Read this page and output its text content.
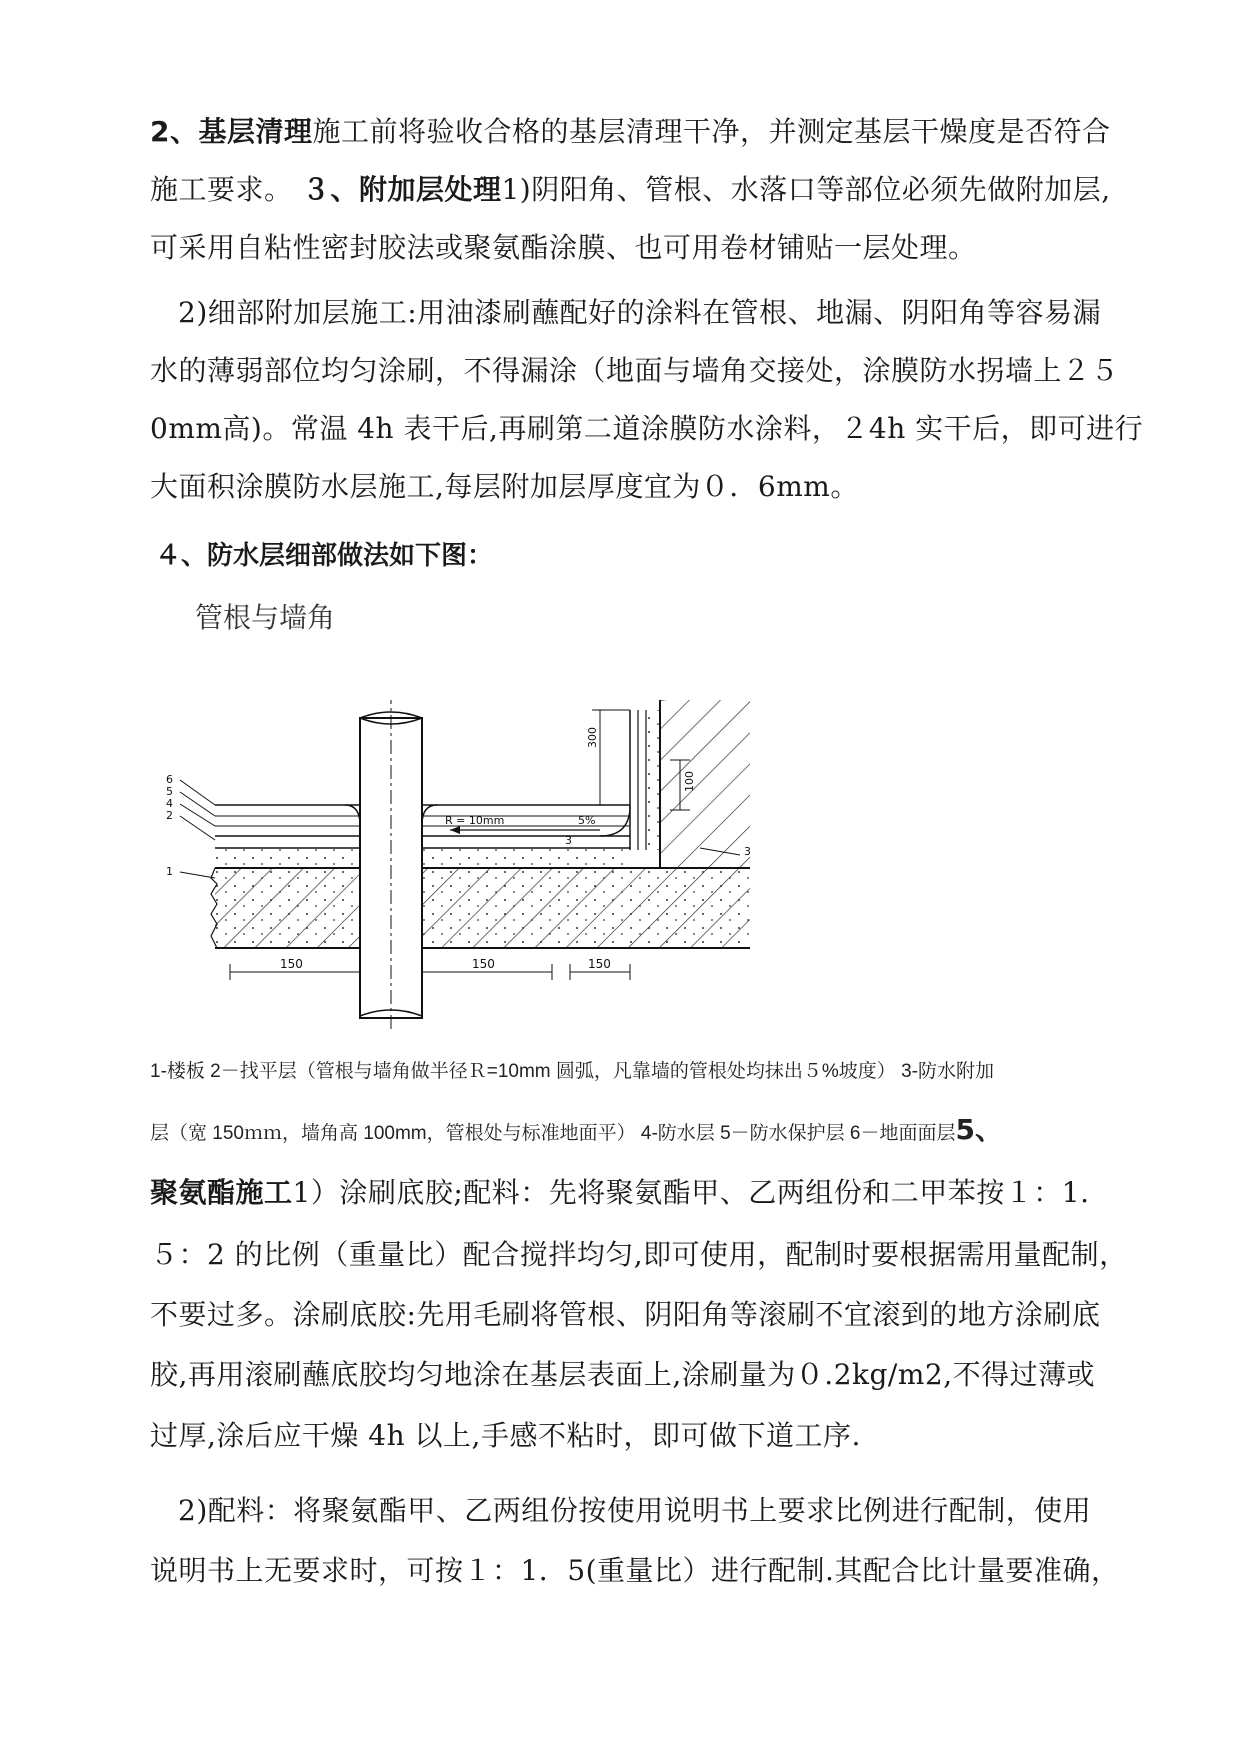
2、基层清理施工前将验收合格的基层清理干净，并测定基层干燥度是否符合
施工要求。 ３、附加层处理1)阴阳角、管根、水落口等部位必须先做附加层,
可采用自粘性密封胶法或聚氨酯涂膜、也可用卷材铺贴一层处理。
2)细部附加层施工:用油漆刷蘸配好的涂料在管根、地漏、阴阳角等容易漏
水的薄弱部位均匀涂刷，不得漏涂（地面与墙角交接处，涂膜防水拐墙上２５
0mm高)。常温 4h 表干后,再刷第二道涂膜防水涂料，２4h 实干后，即可进行
大面积涂膜防水层施工,每层附加层厚度宜为０．6mm。
４、防水层细部做法如下图：
管根与墙角
6
5
4
2
1
R = 10mm	5%
3
3
300
100
150	150	150
1-楼板 2－找平层（管根与墙角做半径Ｒ=10mm 圆弧，凡靠墙的管根处均抹出５%坡度） 3-防水附加
层（宽 150ｍｍ，墙角高 100mm，管根处与标准地面平） 4-防水层 5－防水保护层 6－地面面层5、
聚氨酯施工1）涂刷底胶;配料：先将聚氨酯甲、乙两组份和二甲苯按１：1.
５：2 的比例（重量比）配合搅拌均匀,即可使用，配制时要根据需用量配制，
不要过多。涂刷底胶:先用毛刷将管根、阴阳角等滚刷不宜滚到的地方涂刷底
胶,再用滚刷蘸底胶均匀地涂在基层表面上,涂刷量为０.2kg/m2,不得过薄或
过厚,涂后应干燥 4h 以上,手感不粘时，即可做下道工序.
2)配料：将聚氨酯甲、乙两组份按使用说明书上要求比例进行配制，使用
说明书上无要求时，可按１：1．5(重量比）进行配制.其配合比计量要准确，
